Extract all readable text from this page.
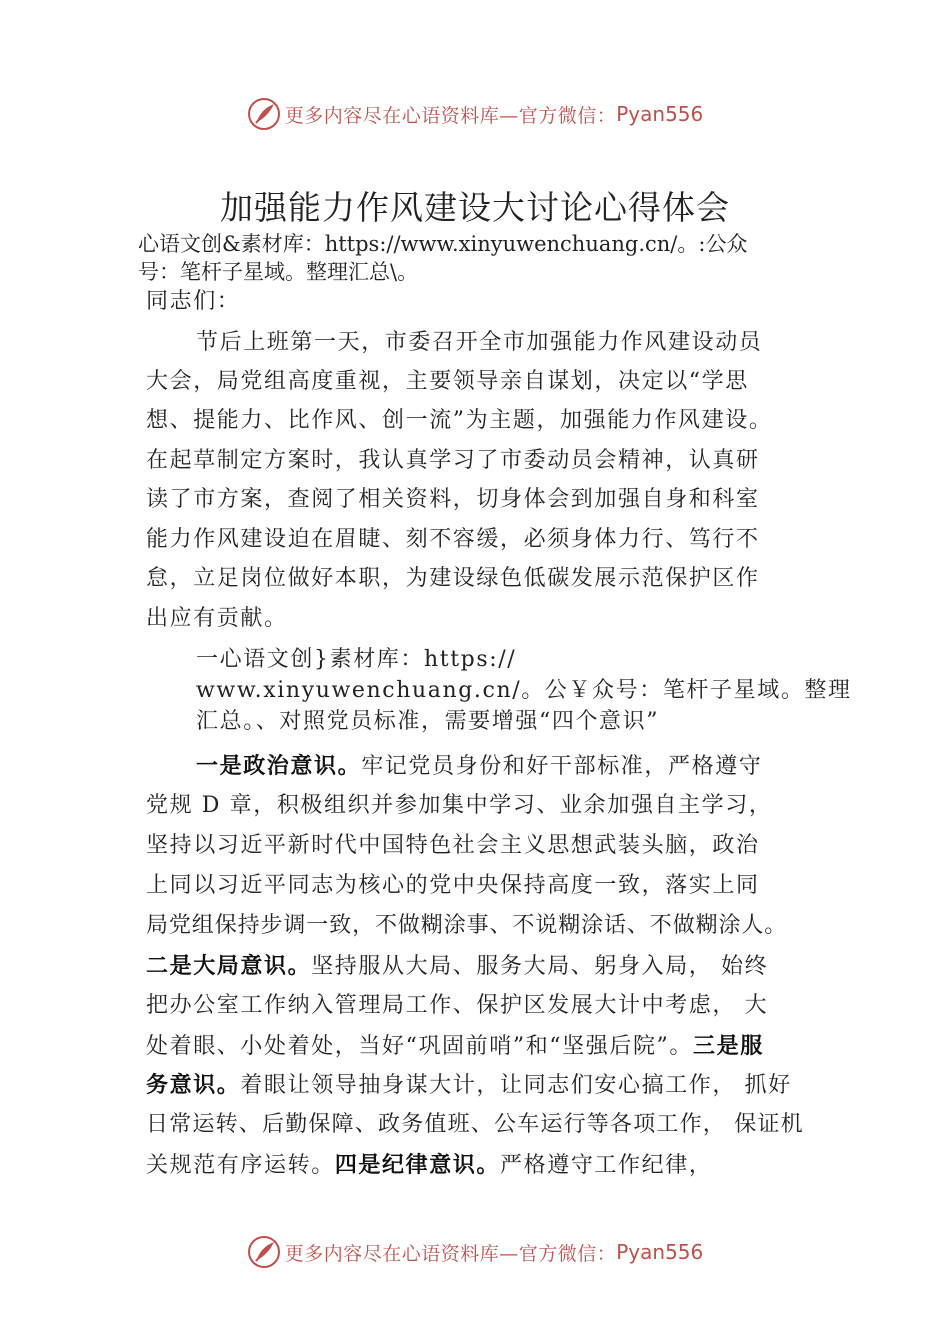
更多内容尽在心语资料库—官方微信： Pyan556
加强能力作风建设大讨论心得体会
心语文创&素材库：https://www.xinyuwenchuang.cn/。:公众
号：笔杆子星域。整理汇总\。
同志们：
节后上班第一天，市委召开全市加强能力作风建设动员
大会，局党组高度重视，主要领导亲自谋划，决定以“学思
想、提能力、比作风、创一流”为主题，加强能力作风建设。
在起草制定方案时，我认真学习了市委动员会精神，认真研
读了市方案，查阅了相关资料，切身体会到加强自身和科室
能力作风建设迫在眉睫、刻不容缓，必须身体力行、笃行不
怠，立足岗位做好本职，为建设绿色低碳发展示范保护区作
出应有贡献。
一心语文创}素材库：https://
www.xinyuwenchuang.cn/。公￥众号：笔杆子星域。整理
汇总。、对照党员标准，需要增强“四个意识”
一是政治意识。牢记党员身份和好干部标准，严格遵守
党规 D 章，积极组织并参加集中学习、业余加强自主学习，
坚持以习近平新时代中国特色社会主义思想武装头脑，政治
上同以习近平同志为核心的党中央保持高度一致，落实上同
局党组保持步调一致，不做糊涂事、不说糊涂话、不做糊涂人。
二是大局意识。坚持服从大局、服务大局、躬身入局， 始终
把办公室工作纳入管理局工作、保护区发展大计中考虑， 大
处着眼、小处着处，当好“巩固前哨”和“坚强后院”。三是服
务意识。着眼让领导抽身谋大计，让同志们安心搞工作， 抓好
日常运转、后勤保障、政务值班、公车运行等各项工作， 保证机
关规范有序运转。四是纪律意识。严格遵守工作纪律，
更多内容尽在心语资料库—官方微信： Pyan556
